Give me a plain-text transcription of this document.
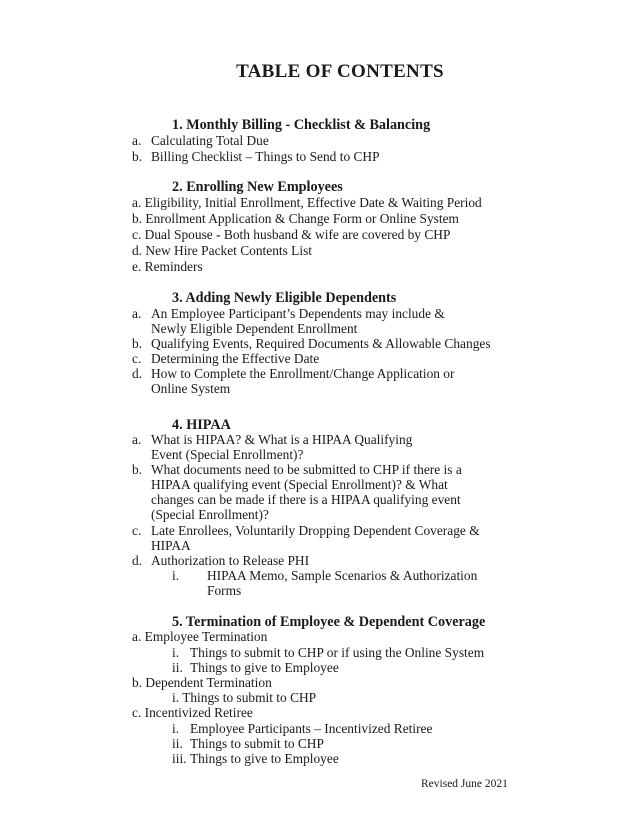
TABLE OF CONTENTS
1. Monthly Billing - Checklist & Balancing
a. Calculating Total Due
b. Billing Checklist – Things to Send to CHP
2. Enrolling New Employees
a. Eligibility, Initial Enrollment, Effective Date & Waiting Period
b. Enrollment Application & Change Form or Online System
c. Dual Spouse - Both husband & wife are covered by CHP
d. New Hire Packet Contents List
e. Reminders
3. Adding Newly Eligible Dependents
a. An Employee Participant’s Dependents may include &
Newly Eligible Dependent Enrollment
b. Qualifying Events, Required Documents & Allowable Changes
c. Determining the Effective Date
d. How to Complete the Enrollment/Change Application or
Online System
4. HIPAA
a. What is HIPAA? & What is a HIPAA Qualifying
Event (Special Enrollment)?
b. What documents need to be submitted to CHP if there is a
HIPAA qualifying event (Special Enrollment)? & What
changes can be made if there is a HIPAA qualifying event
(Special Enrollment)?
c. Late Enrollees, Voluntarily Dropping Dependent Coverage &
HIPAA
d. Authorization to Release PHI
i. HIPAA Memo, Sample Scenarios & Authorization
Forms
5. Termination of Employee & Dependent Coverage
a. Employee Termination
i. Things to submit to CHP or if using the Online System
ii. Things to give to Employee
b. Dependent Termination
i. Things to submit to CHP
c. Incentivized Retiree
i. Employee Participants – Incentivized Retiree
ii. Things to submit to CHP
iii. Things to give to Employee
Revised June 2021
